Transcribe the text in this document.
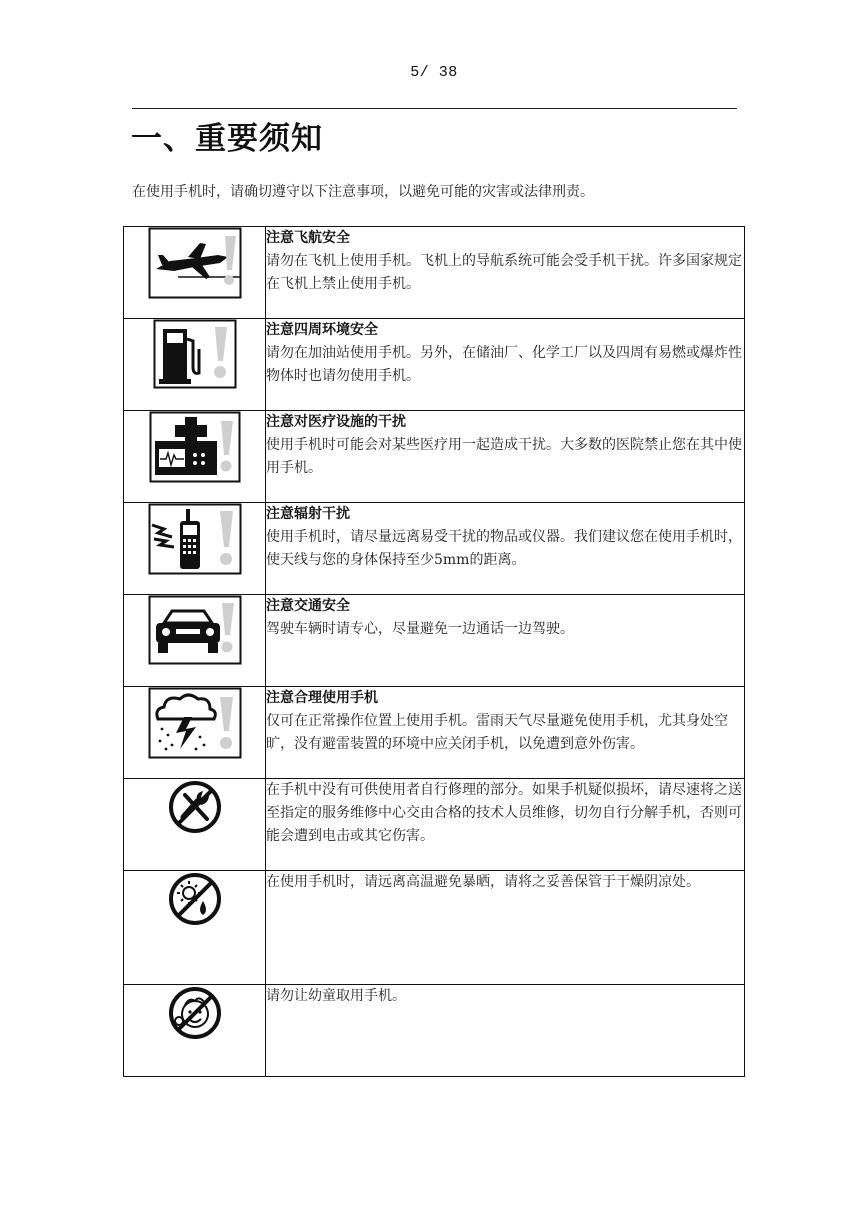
5/ 38
一、重要须知
在使用手机时，请确切遵守以下注意事项，以避免可能的灾害或法律刑责。

注意飞航安全
请勿在飞机上使用手机。飞机上的导航系统可能会受手机干扰。许多国家规定在飞机上禁止使用手机。

注意四周环境安全
请勿在加油站使用手机。另外，在储油厂、化学工厂以及四周有易燃或爆炸性物体时也请勿使用手机。

注意对医疗设施的干扰
使用手机时可能会对某些医疗用一起造成干扰。大多数的医院禁止您在其中使用手机。

注意辐射干扰
使用手机时，请尽量远离易受干扰的物品或仪器。我们建议您在使用手机时，使天线与您的身体保持至少5mm的距离。

注意交通安全
驾驶车辆时请专心，尽量避免一边通话一边驾驶。

注意合理使用手机
仅可在正常操作位置上使用手机。雷雨天气尽量避免使用手机，尤其身处空旷，没有避雷装置的环境中应关闭手机，以免遭到意外伤害。

在手机中没有可供使用者自行修理的部分。如果手机疑似损坏，请尽速将之送至指定的服务维修中心交由合格的技术人员维修，切勿自行分解手机，否则可能会遭到电击或其它伤害。

在使用手机时，请远离高温避免暴晒，请将之妥善保管于干燥阴凉处。

请勿让幼童取用手机。
